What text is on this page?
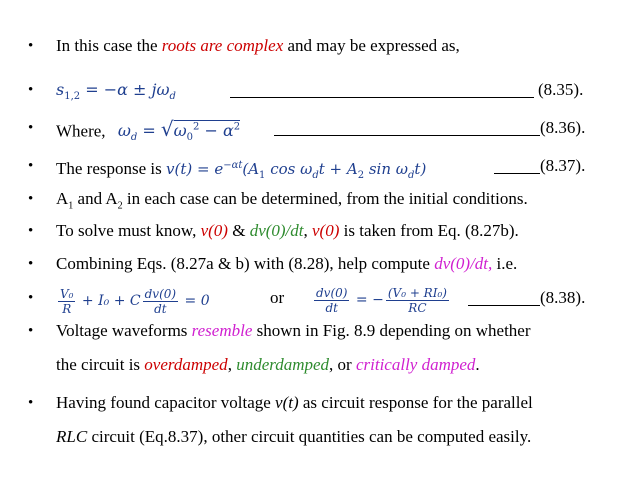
• In this case the roots are complex and may be expressed as,
• $s_{1,2} = -\alpha \pm j\omega_d$	(8.35).
• Where, $\omega_d = √\omega_0^2 - \alpha^2$	(8.36).
• The response is $v(t) = e^{-\alpha t}(A_1$ $\cos \omega_dt + A_2$ $\sin \omega_dt$)	(8.37).
• $A_1$ and $A_2$ in each case can be determined, from the initial conditions.
• To solve must know, v(0) & dv(0)/dt, v(0) is taken from Eq. (8.27b).
• Combining Eqs. (8.27a & b) with (8.28), help compute dv(0)/dt, i.e.
• $\frac{\text{V₀}}{R} + I_0 + C \frac{dv(0)}{dt} = 0$	or $\frac{dv(0)}{dt}$ = − $\frac{\text{(V₀ + RI₀)}}{RC}$	(8.38).
• Voltage waveforms resemble shown in Fig. 8.9 depending on whether
the circuit is overdamped, underdamped, or critically damped.
• Having found capacitor voltage v(t) as circuit response for the parallel
RLC circuit (Eq.8.37), other circuit quantities can be computed easily.
